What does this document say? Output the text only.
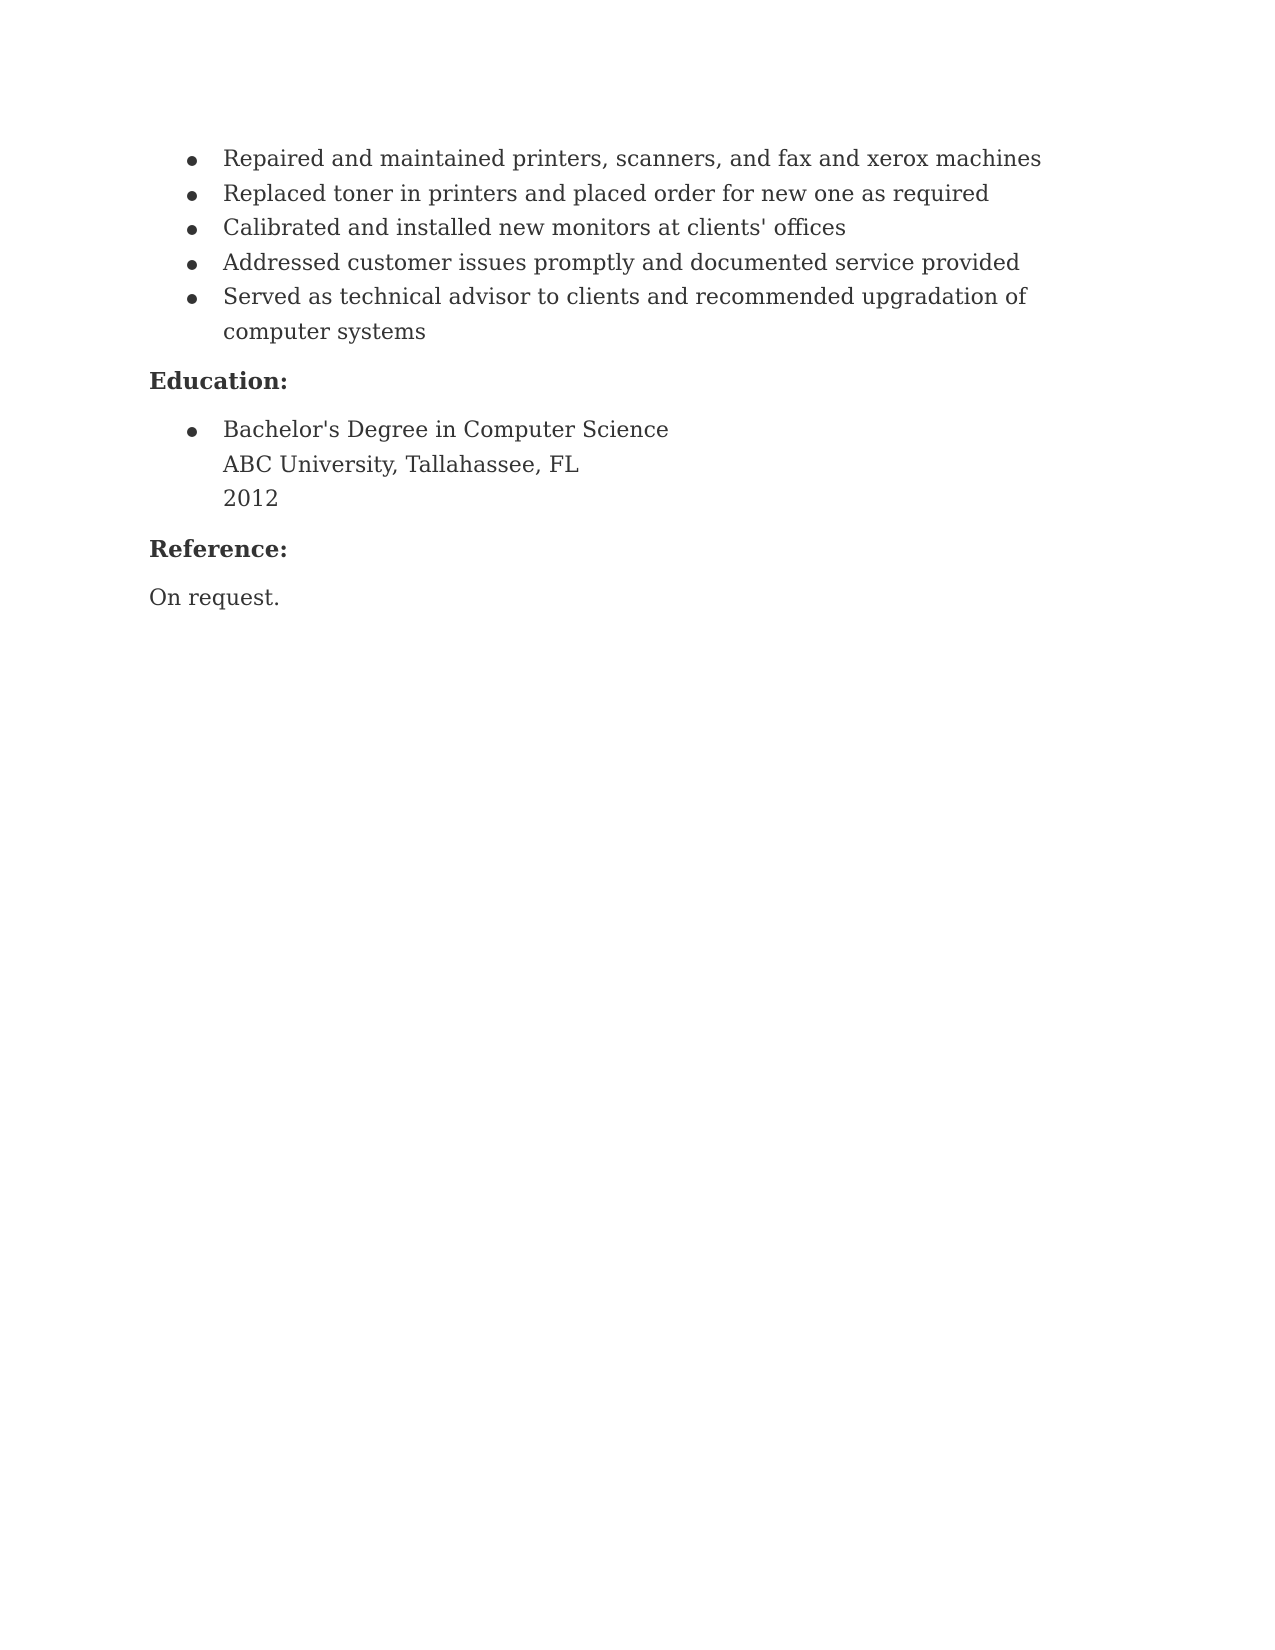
Repaired and maintained printers, scanners, and fax and xerox machines
Replaced toner in printers and placed order for new one as required
Calibrated and installed new monitors at clients' offices
Addressed customer issues promptly and documented service provided
Served as technical advisor to clients and recommended upgradation of computer systems
Education:
Bachelor's Degree in Computer Science
ABC University, Tallahassee, FL
2012
Reference:

On request.
